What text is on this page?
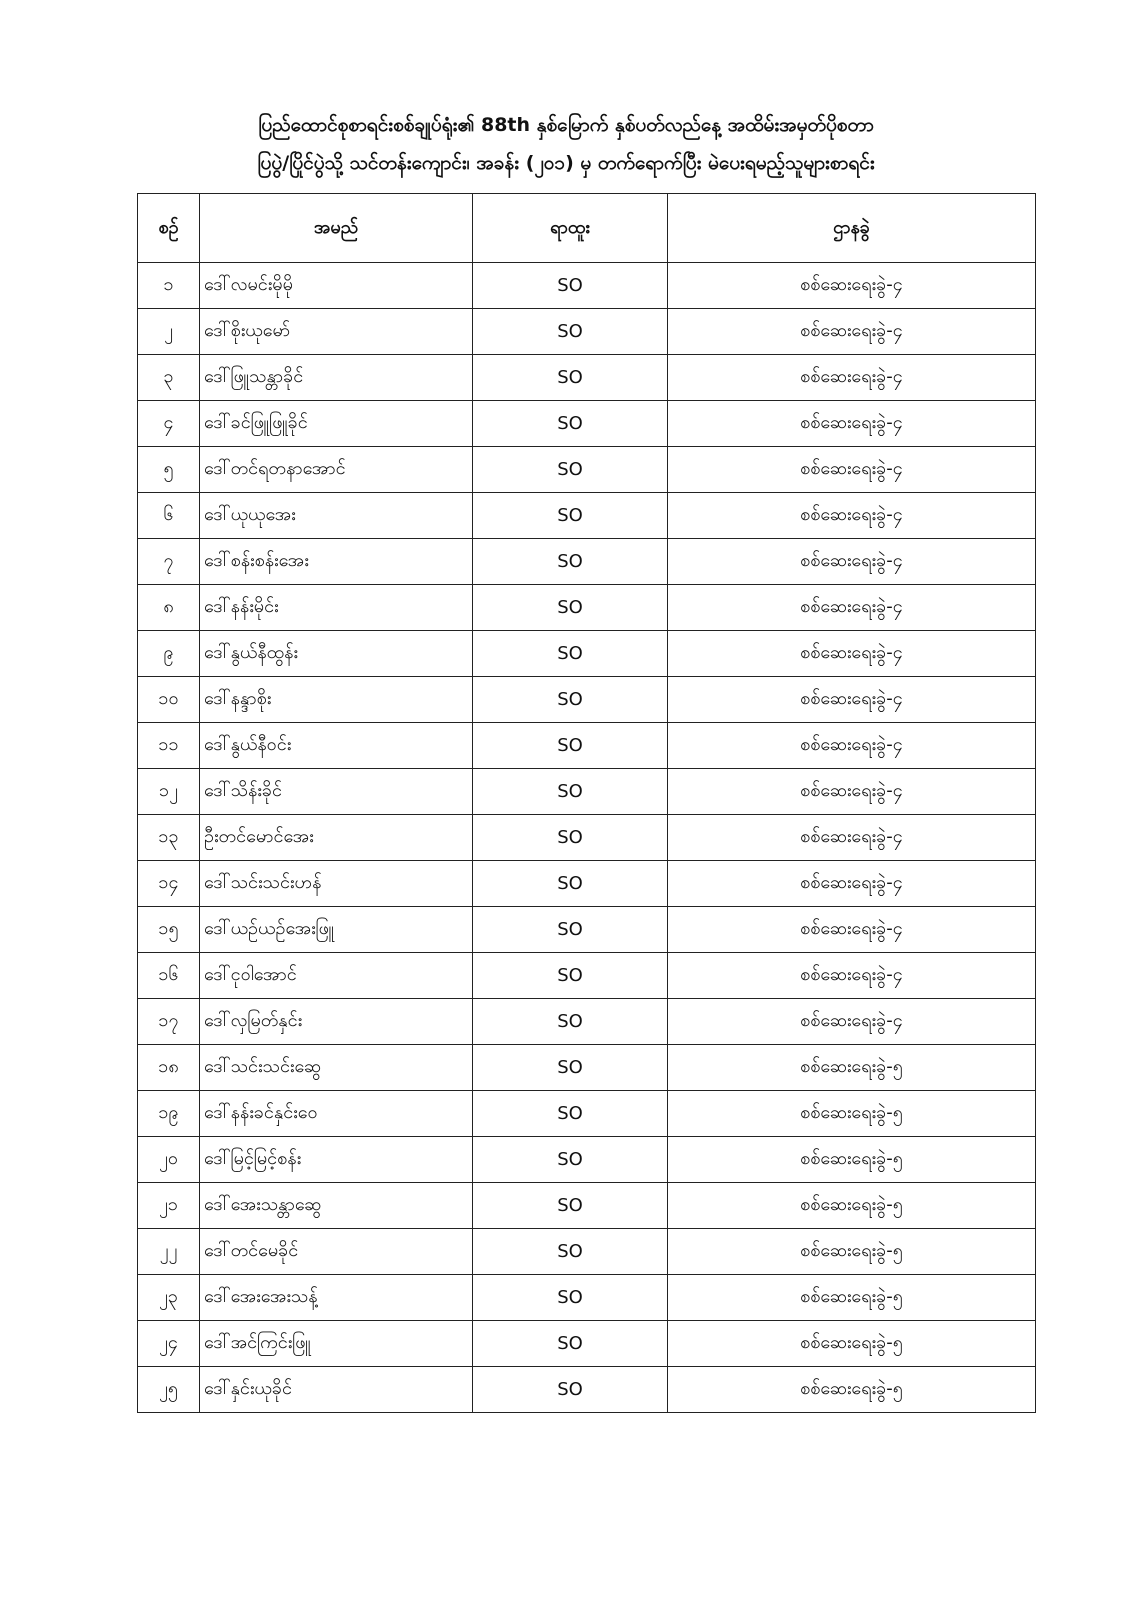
ပြည်ထောင်စုစာရင်းစစ်ချုပ်ရုံး၏ 88th နှစ်မြောက် နှစ်ပတ်လည်နေ့ အထိမ်းအမှတ်ပိုစတာ
ပြပွဲ/ပြိုင်ပွဲသို့ သင်တန်းကျောင်း၊ အခန်း (၂၀၁) မှ တက်ရောက်ပြီး မဲပေးရမည့်သူများစာရင်း
စဉ်	အမည်	ရာထူး	ဌာနခွဲ
၁	ဒေါ်လမင်းမိုမို	SO	စစ်ဆေးရေးခွဲ-၄
၂	ဒေါ်စိုးယုမော်	SO	စစ်ဆေးရေးခွဲ-၄
၃	ဒေါ်ဖြူသန္တာခိုင်	SO	စစ်ဆေးရေးခွဲ-၄
၄	ဒေါ်ခင်ဖြူဖြူခိုင်	SO	စစ်ဆေးရေးခွဲ-၄
၅	ဒေါ်တင်ရတနာအောင်	SO	စစ်ဆေးရေးခွဲ-၄
၆	ဒေါ်ယုယုအေး	SO	စစ်ဆေးရေးခွဲ-၄
၇	ဒေါ်စန်းစန်းအေး	SO	စစ်ဆေးရေးခွဲ-၄
၈	ဒေါ်နန်းမိုင်း	SO	စစ်ဆေးရေးခွဲ-၄
၉	ဒေါ်နွယ်နီထွန်း	SO	စစ်ဆေးရေးခွဲ-၄
၁၀	ဒေါ်နန္ဒာစိုး	SO	စစ်ဆေးရေးခွဲ-၄
၁၁	ဒေါ်နွယ်နီဝင်း	SO	စစ်ဆေးရေးခွဲ-၄
၁၂	ဒေါ်သိန်းခိုင်	SO	စစ်ဆေးရေးခွဲ-၄
၁၃	ဦးတင်မောင်အေး	SO	စစ်ဆေးရေးခွဲ-၄
၁၄	ဒေါ်သင်းသင်းဟန်	SO	စစ်ဆေးရေးခွဲ-၄
၁၅	ဒေါ်ယဉ်ယဉ်အေးဖြူ	SO	စစ်ဆေးရေးခွဲ-၄
၁၆	ဒေါ်ငုဝါအောင်	SO	စစ်ဆေးရေးခွဲ-၄
၁၇	ဒေါ်လှမြတ်နှင်း	SO	စစ်ဆေးရေးခွဲ-၄
၁၈	ဒေါ်သင်းသင်းဆွေ	SO	စစ်ဆေးရေးခွဲ-၅
၁၉	ဒေါ်နန်းခင်နှင်းဝေ	SO	စစ်ဆေးရေးခွဲ-၅
၂၀	ဒေါ်မြင့်မြင့်စန်း	SO	စစ်ဆေးရေးခွဲ-၅
၂၁	ဒေါ်အေးသန္တာဆွေ	SO	စစ်ဆေးရေးခွဲ-၅
၂၂	ဒေါ်တင်မေခိုင်	SO	စစ်ဆေးရေးခွဲ-၅
၂၃	ဒေါ်အေးအေးသန့်	SO	စစ်ဆေးရေးခွဲ-၅
၂၄	ဒေါ်အင်ကြင်းဖြူ	SO	စစ်ဆေးရေးခွဲ-၅
၂၅	ဒေါ်နှင်းယုခိုင်	SO	စစ်ဆေးရေးခွဲ-၅
